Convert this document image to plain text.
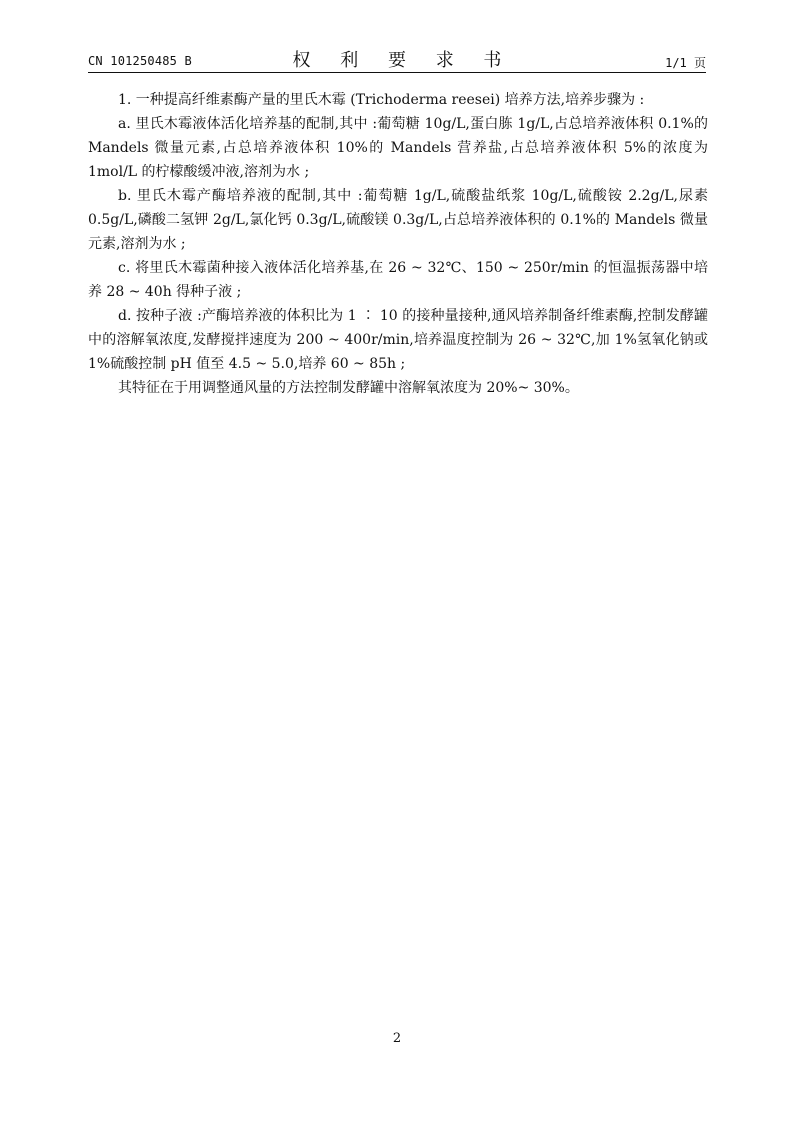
CN 101250485 B	权 利 要 求 书	1/1 页

1. 一种提高纤维素酶产量的里氏木霉 (Trichoderma reesei) 培养方法,培养步骤为 :

a. 里氏木霉液体活化培养基的配制,其中 :葡萄糖 10g/L,蛋白胨 1g/L,占总培养液体积 0.1%的 Mandels 微量元素,占总培养液体积 10%的 Mandels 营养盐,占总培养液体积 5%的浓度为 1mol/L 的柠檬酸缓冲液,溶剂为水 ;

b. 里氏木霉产酶培养液的配制,其中 :葡萄糖 1g/L,硫酸盐纸浆 10g/L,硫酸铵 2.2g/L,尿素 0.5g/L,磷酸二氢钾 2g/L,氯化钙 0.3g/L,硫酸镁 0.3g/L,占总培养液体积的 0.1%的 Mandels 微量元素,溶剂为水 ;

c. 将里氏木霉菌种接入液体活化培养基,在 26 ~ 32℃、150 ~ 250r/min 的恒温振荡器中培养 28 ~ 40h 得种子液 ;

d. 按种子液 :产酶培养液的体积比为 1 ∶ 10 的接种量接种,通风培养制备纤维素酶,控制发酵罐中的溶解氧浓度,发酵搅拌速度为 200 ~ 400r/min,培养温度控制为 26 ~ 32℃,加 1%氢氧化钠或 1%硫酸控制 pH 值至 4.5 ~ 5.0,培养 60 ~ 85h ;

其特征在于用调整通风量的方法控制发酵罐中溶解氧浓度为 20%~ 30%。

2
